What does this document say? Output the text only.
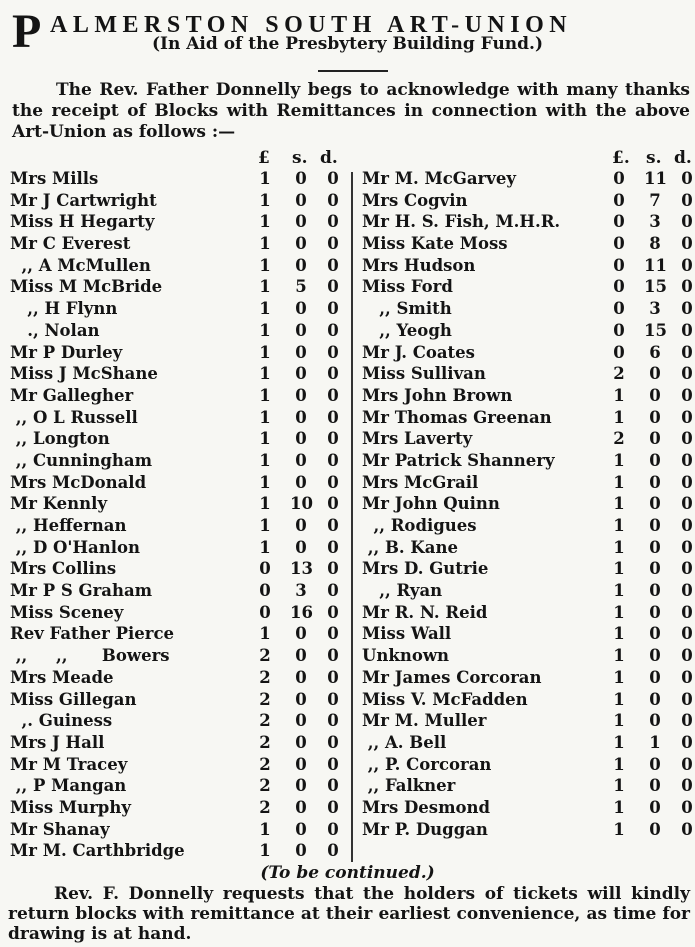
P ALMERSTON SOUTH ART-UNION
(In Aid of the Presbytery Building Fund.)

The Rev. Father Donnelly begs to acknowledge with many thanks the receipt of Blocks with Remittances in connection with the above Art-Union as follows :—

£ s. d.
Mrs Mills	1	0	0
Mr J Cartwright	1	0	0
Miss H Hegarty	1	0	0
Mr C Everest	1	0	0
,, A McMullen	1	0	0
Miss M McBride	1	5	0
,, H Flynn	1	0	0
., Nolan	1	0	0
Mr P Durley	1	0	0
Miss J McShane	1	0	0
Mr Gallegher	1	0	0
,, O L Russell	1	0	0
,, Longton	1	0	0
,, Cunningham	1	0	0
Mrs McDonald	1	0	0
Mr Kennly	1	10 0
,, Heffernan	1	0	0
,, D O'Hanlon	1	0	0
Mrs Collins	0	13 0
Mr P S Graham	0	3	0
Miss Sceney	0	16 0
Rev Father Pierce	1	0	0
,,     ,,      Bowers	2	0	0
Mrs Meade	2	0	0
Miss Gillegan	2	0	0
,. Guiness	2	0	0
Mrs J Hall	2	0	0
Mr M Tracey	2	0	0
,, P Mangan	2	0	0
Miss Murphy	2	0	0
Mr Shanay	1	0	0
Mr M. Carthbridge	1	0	0
£. s. d.
Mr M. McGarvey	0	11 0
Mrs Cogvin	0	7	0
Mr H. S. Fish, M.H.R.	0	3	0
Miss Kate Moss	0	8	0
Mrs Hudson	0	11 0
Miss Ford	0	15 0
,, Smith	0	3	0
,, Yeogh	0	15 0
Mr J. Coates	0	6	0
Miss Sullivan	2	0	0
Mrs John Brown	1	0	0
Mr Thomas Greenan	1	0	0
Mrs Laverty	2	0	0
Mr Patrick Shannery	1	0	0
Mrs McGrail	1	0	0
Mr John Quinn	1	0	0
,, Rodigues	1	0	0
,, B. Kane	1	0	0
Mrs D. Gutrie	1	0	0
,, Ryan	1	0	0
Mr R. N. Reid	1	0	0
Miss Wall	1	0	0
Unknown	1	0	0
Mr James Corcoran	1	0	0
Miss V. McFadden	1	0	0
Mr M. Muller	1	0	0
,, A. Bell	1	1	0
,, P. Corcoran	1	0	0
,, Falkner	1	0	0
Mrs Desmond	1	0	0
Mr P. Duggan	1	0	0
(To be continued.)

Rev. F. Donnelly requests that the holders of tickets will kindly return blocks with remittance at their earliest convenience, as time for drawing is at hand.
